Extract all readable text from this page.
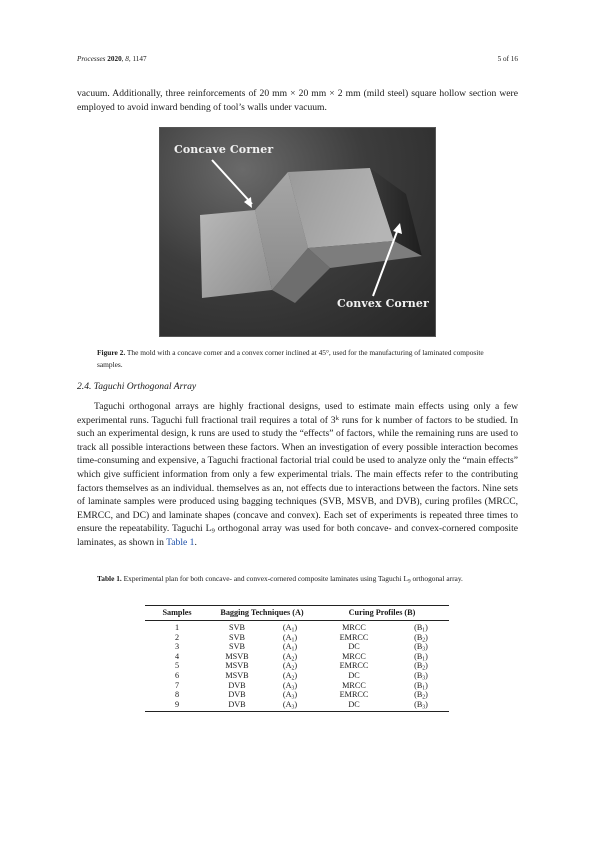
Processes 2020, 8, 1147	5 of 16

vacuum. Additionally, three reinforcements of 20 mm × 20 mm × 2 mm (mild steel) square hollow section were employed to avoid inward bending of tool’s walls under vacuum.

Concave Corner
Convex Corner

Figure 2. The mold with a concave corner and a convex corner inclined at 45°, used for the manufacturing of laminated composite samples.

2.4. Taguchi Orthogonal Array

Taguchi orthogonal arrays are highly fractional designs, used to estimate main effects using only a few experimental runs. Taguchi full fractional trail requires a total of 3$^k$ runs for k number of factors to be studied. In such an experimental design, k runs are used to study the “effects” of factors, while the remaining runs are used to track all possible interactions between these factors. When an investigation of every possible interaction becomes time-consuming and expensive, a Taguchi fractional factorial trial could be used to analyze only the “main effects” which give sufficient information from only a few experimental trials. The main effects refer to the contributing factors themselves as an individual. themselves as an, not effects due to interactions between the factors. Nine sets of laminate samples were produced using bagging techniques (SVB, MSVB, and DVB), curing profiles (MRCC, EMRCC, and DC) and laminate shapes (concave and convex). Each set of experiments is repeated three times to ensure the repeatability. Taguchi $L_9$ orthogonal array was used for both concave- and convex-cornered composite laminates, as shown in Table 1.

Table 1. Experimental plan for both concave- and convex-cornered composite laminates using Taguchi $L_9$ orthogonal array.

Samples	Bagging Techniques (A)		Curing Profiles (B)	
1	SVB	$(A_1)$	MRCC	$(B_1)$
2	SVB	$(A_1)$	EMRCC	$(B_2)$
3	SVB	$(A_1)$	DC	$(B_3)$
4	MSVB	$(A_2)$	MRCC	$(B_1)$
5	MSVB	$(A_2)$	EMRCC	$(B_2)$
6	MSVB	$(A_2)$	DC	$(B_3)$
7	DVB	$(A_3)$	MRCC	$(B_1)$
8	DVB	$(A_3)$	EMRCC	$(B_2)$
9	DVB	$(A_3)$	DC	$(B_3)$
